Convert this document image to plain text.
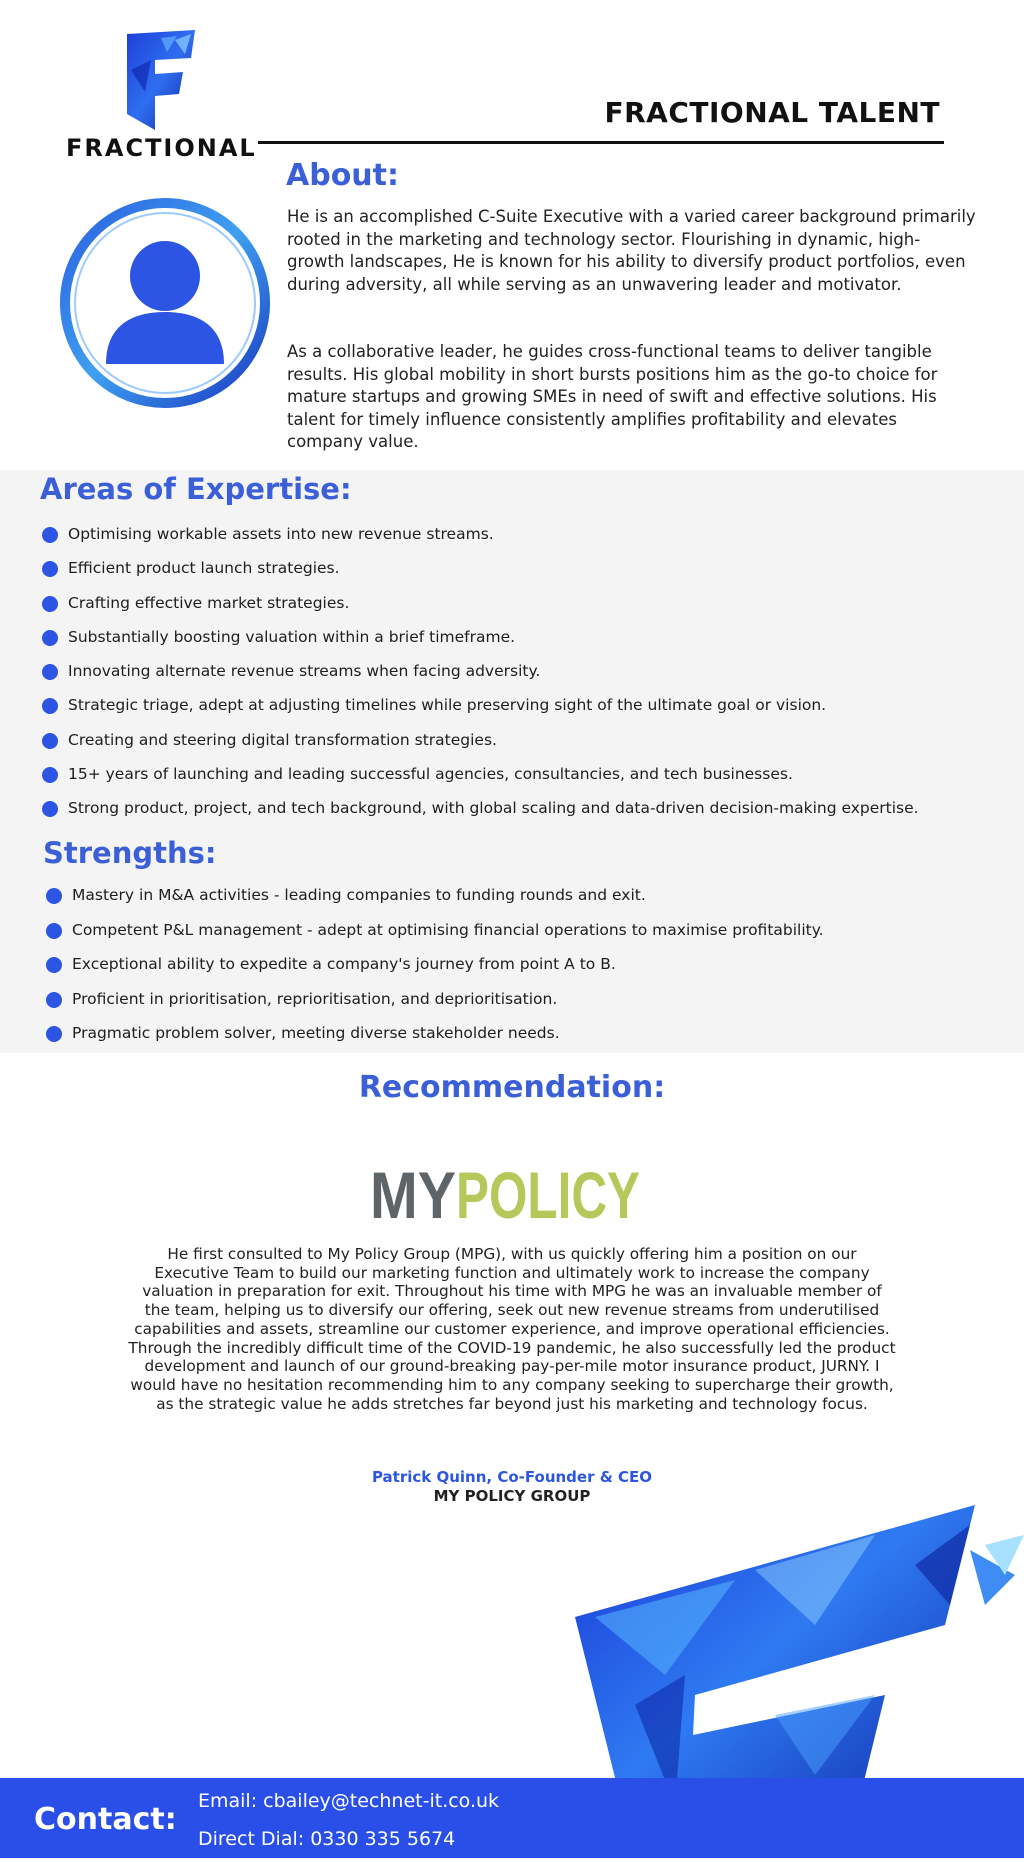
FRACTIONAL
FRACTIONAL TALENT
About:

He is an accomplished C-Suite Executive with a varied career background primarily rooted in the marketing and technology sector. Flourishing in dynamic, high-growth landscapes, He is known for his ability to diversify product portfolios, even during adversity, all while serving as an unwavering leader and motivator.

As a collaborative leader, he guides cross-functional teams to deliver tangible results. His global mobility in short bursts positions him as the go-to choice for mature startups and growing SMEs in need of swift and effective solutions. His talent for timely influence consistently amplifies profitability and elevates company value.

Areas of Expertise:
Optimising workable assets into new revenue streams.
Efficient product launch strategies.
Crafting effective market strategies.
Substantially boosting valuation within a brief timeframe.
Innovating alternate revenue streams when facing adversity.
Strategic triage, adept at adjusting timelines while preserving sight of the ultimate goal or vision.
Creating and steering digital transformation strategies.
15+ years of launching and leading successful agencies, consultancies, and tech businesses.
Strong product, project, and tech background, with global scaling and data-driven decision-making expertise.
Strengths:
Mastery in M&A activities - leading companies to funding rounds and exit.
Competent P&L management - adept at optimising financial operations to maximise profitability.
Exceptional ability to expedite a company's journey from point A to B.
Proficient in prioritisation, reprioritisation, and deprioritisation.
Pragmatic problem solver, meeting diverse stakeholder needs.
Recommendation:
MY POLICY

He first consulted to My Policy Group (MPG), with us quickly offering him a position on our Executive Team to build our marketing function and ultimately work to increase the company valuation in preparation for exit. Throughout his time with MPG he was an invaluable member of the team, helping us to diversify our offering, seek out new revenue streams from underutilised capabilities and assets, streamline our customer experience, and improve operational efficiencies. Through the incredibly difficult time of the COVID-19 pandemic, he also successfully led the product development and launch of our ground-breaking pay-per-mile motor insurance product, JURNY. I would have no hesitation recommending him to any company seeking to supercharge their growth, as the strategic value he adds stretches far beyond just his marketing and technology focus.

Patrick Quinn, Co-Founder & CEO
MY POLICY GROUP
Contact:
Email: cbailey@technet-it.co.uk
Direct Dial: 0330 335 5674
